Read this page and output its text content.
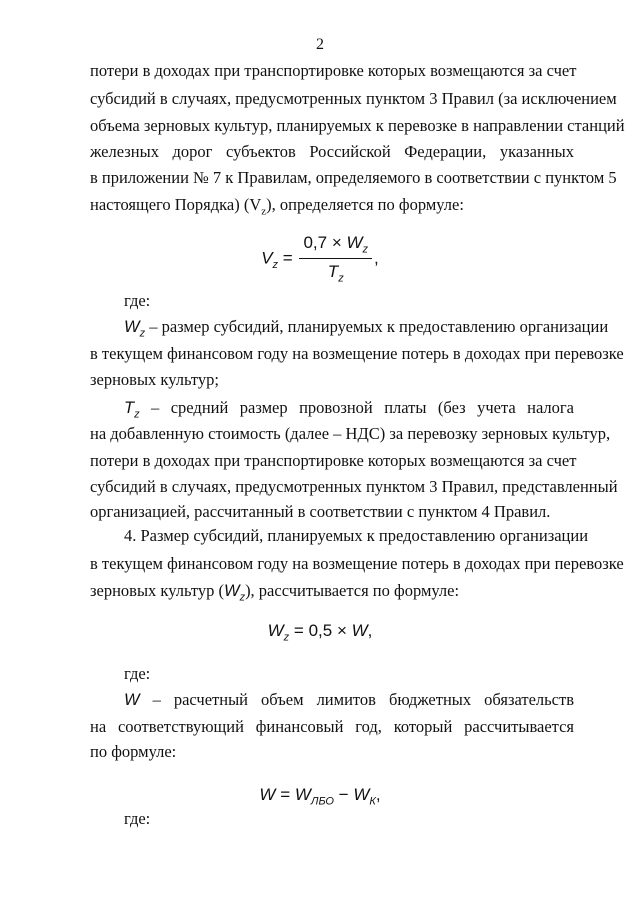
2
потери в доходах при транспортировке которых возмещаются за счет
субсидий в случаях, предусмотренных пунктом 3 Правил (за исключением
объема зерновых культур, планируемых к перевозке в направлении станций
железных дорог субъектов Российской Федерации, указанных
в приложении № 7 к Правилам, определяемого в соответствии с пунктом 5
настоящего Порядка) $(V_z)$, определяется по формуле:
$V_z = \frac{0,7 \times W_z}{T_z}$ ,
где:
$W_z$ – размер субсидий, планируемых к предоставлению организации
в текущем финансовом году на возмещение потерь в доходах при перевозке
зерновых культур;
$T_z$ – средний размер провозной платы (без учета налога
на добавленную стоимость (далее – НДС) за перевозку зерновых культур,
потери в доходах при транспортировке которых возмещаются за счет
субсидий в случаях, предусмотренных пунктом 3 Правил, представленный
организацией, рассчитанный в соответствии с пунктом 4 Правил.
4. Размер субсидий, планируемых к предоставлению организации
в текущем финансовом году на возмещение потерь в доходах при перевозке
зерновых культур $(W_z)$, рассчитывается по формуле:
$W_z = 0,5 \times W$,
где:
W – расчетный объем лимитов бюджетных обязательств
на соответствующий финансовый год, который рассчитывается
по формуле:
$W = W_{ЛБО} - W_К$,
где:
